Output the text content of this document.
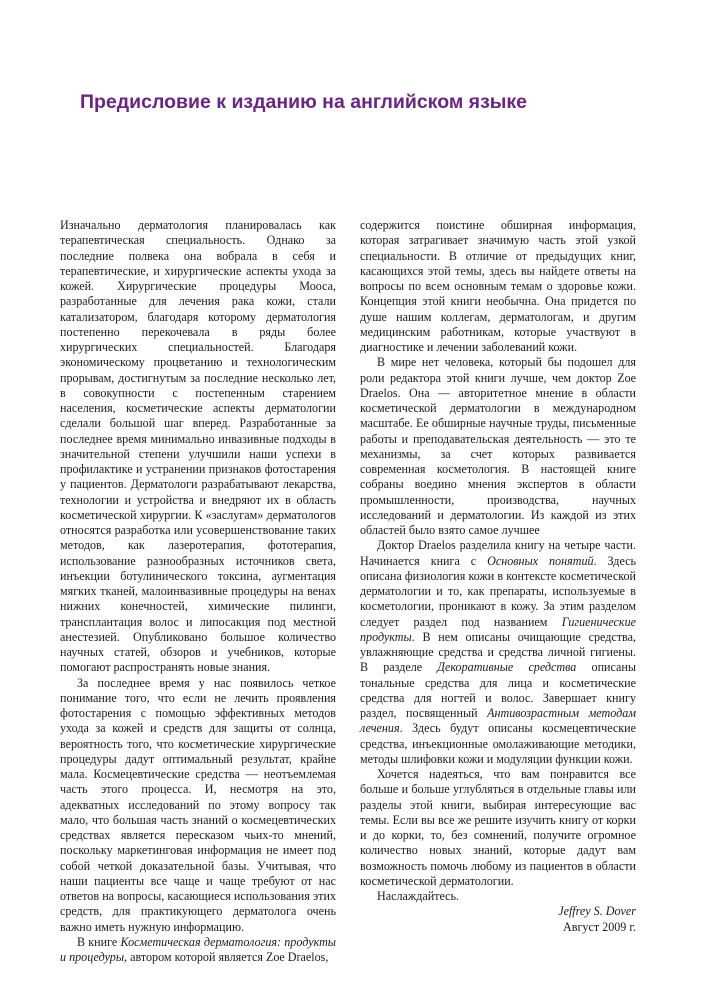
Предисловие к изданию на английском языке

Изначально дерматология планировалась как терапевтическая специальность. Однако за последние полвека она вобрала в себя и терапевтические, и хирургические аспекты ухода за кожей. Хирургические процедуры Мооса, разработанные для лечения рака кожи, стали катализатором, благодаря которому дерматология постепенно перекочевала в ряды более хирургических специальностей. Благодаря экономическому процветанию и технологическим прорывам, достигнутым за последние несколько лет, в совокупности с постепенным старением населения, косметические аспекты дерматологии сделали большой шаг вперед. Разработанные за последнее время минимально инвазивные подходы в значительной степени улучшили наши успехи в профилактике и устранении признаков фотостарения у пациентов. Дерматологи разрабатывают лекарства, технологии и устройства и внедряют их в область косметической хирургии. К «заслугам» дерматологов относятся разработка или усовершенствование таких методов, как лазеротерапия, фототерапия, использование разнообразных источников света, инъекции ботулинического токсина, аугментация мягких тканей, малоинвазивные процедуры на венах нижних конечностей, химические пилинги, трансплантация волос и липосакция под местной анестезией. Опубликовано большое количество научных статей, обзоров и учебников, которые помогают распространять новые знания.

За последнее время у нас появилось четкое понимание того, что если не лечить проявления фотостарения с помощью эффективных методов ухода за кожей и средств для защиты от солнца, вероятность того, что косметические хирургические процедуры дадут оптимальный результат, крайне мала. Космецевтические средства — неотъемлемая часть этого процесса. И, несмотря на это, адекватных исследований по этому вопросу так мало, что большая часть знаний о космецевтических средствах является пересказом чьих-то мнений, поскольку маркетинговая информация не имеет под собой четкой доказательной базы. Учитывая, что наши пациенты все чаще и чаще требуют от нас ответов на вопросы, касающиеся использования этих средств, для практикующего дерматолога очень важно иметь нужную информацию.

В книге Косметическая дерматология: продукты и процедуры, автором которой является Zoe Draelos,

содержится поистине обширная информация, которая затрагивает значимую часть этой узкой специальности. В отличие от предыдущих книг, касающихся этой темы, здесь вы найдете ответы на вопросы по всем основным темам о здоровье кожи. Концепция этой книги необычна. Она придется по душе нашим коллегам, дерматологам, и другим медицинским работникам, которые участвуют в диагностике и лечении заболеваний кожи.

В мире нет человека, который бы подошел для роли редактора этой книги лучше, чем доктор Zoe Draelos. Она — авторитетное мнение в области косметической дерматологии в международном масштабе. Ее обширные научные труды, письменные работы и преподавательская деятельность — это те механизмы, за счет которых развивается современная косметология. В настоящей книге собраны воедино мнения экспертов в области промышленности, производства, научных исследований и дерматологии. Из каждой из этих областей было взято самое лучшее

Доктор Draelos разделила книгу на четыре части. Начинается книга с Основных понятий. Здесь описана физиология кожи в контексте косметической дерматологии и то, как препараты, используемые в косметологии, проникают в кожу. За этим разделом следует раздел под названием Гигиенические продукты. В нем описаны очищающие средства, увлажняющие средства и средства личной гигиены. В разделе Декоративные средства описаны тональные средства для лица и косметические средства для ногтей и волос. Завершает книгу раздел, посвященный Антивозрастным методам лечения. Здесь будут описаны космецевтические средства, инъекционные омолаживающие методики, методы шлифовки кожи и модуляции функции кожи.

Хочется надеяться, что вам понравится все больше и больше углубляться в отдельные главы или разделы этой книги, выбирая интересующие вас темы. Если вы все же решите изучить книгу от корки и до корки, то, без сомнений, получите огромное количество новых знаний, которые дадут вам возможность помочь любому из пациентов в области косметической дерматологии.

Наслаждайтесь.

Jeffrey S. Dover
Август 2009 г.
